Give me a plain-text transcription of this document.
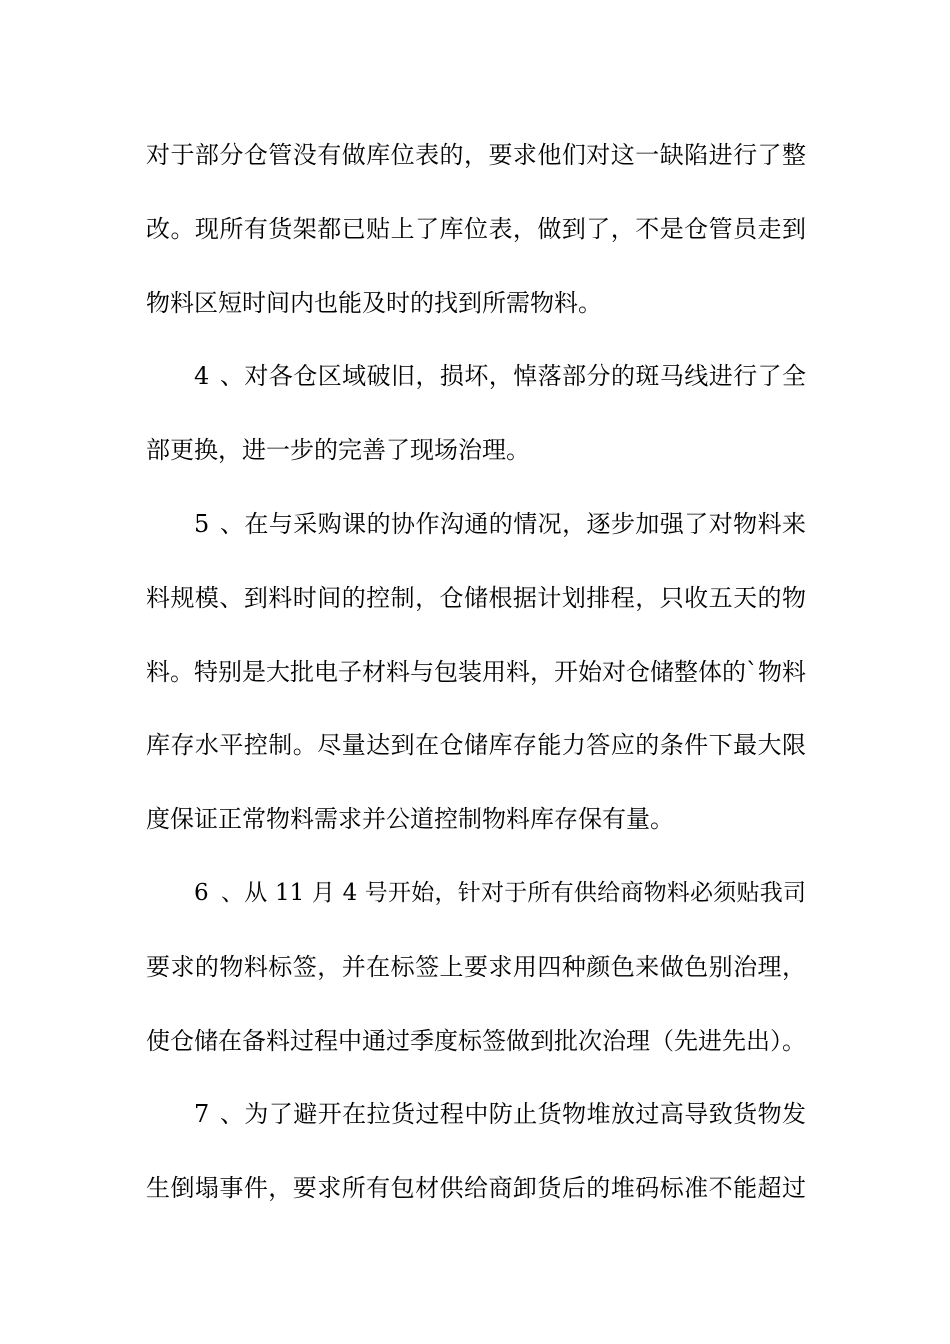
对于部分仓管没有做库位表的，要求他们对这一缺陷进行了整
改。现所有货架都已贴上了库位表，做到了，不是仓管员走到
物料区短时间内也能及时的找到所需物料。
4、对各仓区域破旧，损坏，悼落部分的斑马线进行了全
部更换，进一步的完善了现场治理。
5、在与采购课的协作沟通的情况，逐步加强了对物料来
料规模、到料时间的控制，仓储根据计划排程，只收五天的物
料。特别是大批电子材料与包装用料，开始对仓储整体的`物料
库存水平控制。尽量达到在仓储库存能力答应的条件下最大限
度保证正常物料需求并公道控制物料库存保有量。
6、从 11 月 4 号开始，针对于所有供给商物料必须贴我司
要求的物料标签，并在标签上要求用四种颜色来做色别治理，
使仓储在备料过程中通过季度标签做到批次治理（先进先出）。
7、为了避开在拉货过程中防止货物堆放过高导致货物发
生倒塌事件，要求所有包材供给商卸货后的堆码标准不能超过
